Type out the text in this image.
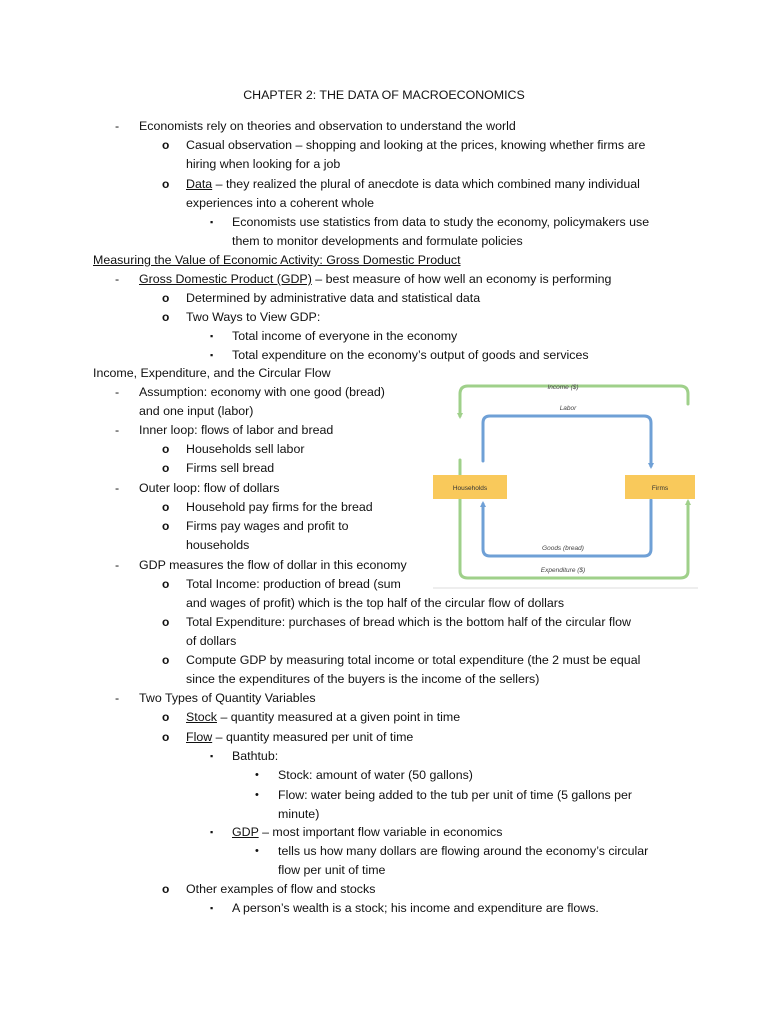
CHAPTER 2: THE DATA OF MACROECONOMICS
- Economists rely on theories and observation to understand the world
o Casual observation – shopping and looking at the prices, knowing whether firms are
hiring when looking for a job
o Data – they realized the plural of anecdote is data which combined many individual
experiences into a coherent whole
▪ Economists use statistics from data to study the economy, policymakers use
them to monitor developments and formulate policies
Measuring the Value of Economic Activity: Gross Domestic Product
- Gross Domestic Product (GDP) – best measure of how well an economy is performing
o Determined by administrative data and statistical data
o Two Ways to View GDP:
▪ Total income of everyone in the economy
▪ Total expenditure on the economy’s output of goods and services
Income, Expenditure, and the Circular Flow
- Assumption: economy with one good (bread)
and one input (labor)
- Inner loop: flows of labor and bread
o Households sell labor
o Firms sell bread
- Outer loop: flow of dollars
o Household pay firms for the bread
o Firms pay wages and profit to
households
- GDP measures the flow of dollar in this economy
o Total Income: production of bread (sum
and wages of profit) which is the top half of the circular flow of dollars
o Total Expenditure: purchases of bread which is the bottom half of the circular flow
of dollars
o Compute GDP by measuring total income or total expenditure (the 2 must be equal
since the expenditures of the buyers is the income of the sellers)
- Two Types of Quantity Variables
o Stock – quantity measured at a given point in time
o Flow – quantity measured per unit of time
▪ Bathtub:
• Stock: amount of water (50 gallons)
• Flow: water being added to the tub per unit of time (5 gallons per
minute)
▪ GDP – most important flow variable in economics
• tells us how many dollars are flowing around the economy’s circular
flow per unit of time
o Other examples of flow and stocks
▪ A person’s wealth is a stock; his income and expenditure are flows.
Households	Firms
Income ($)
Labor
Goods (bread)
Expenditure ($)
